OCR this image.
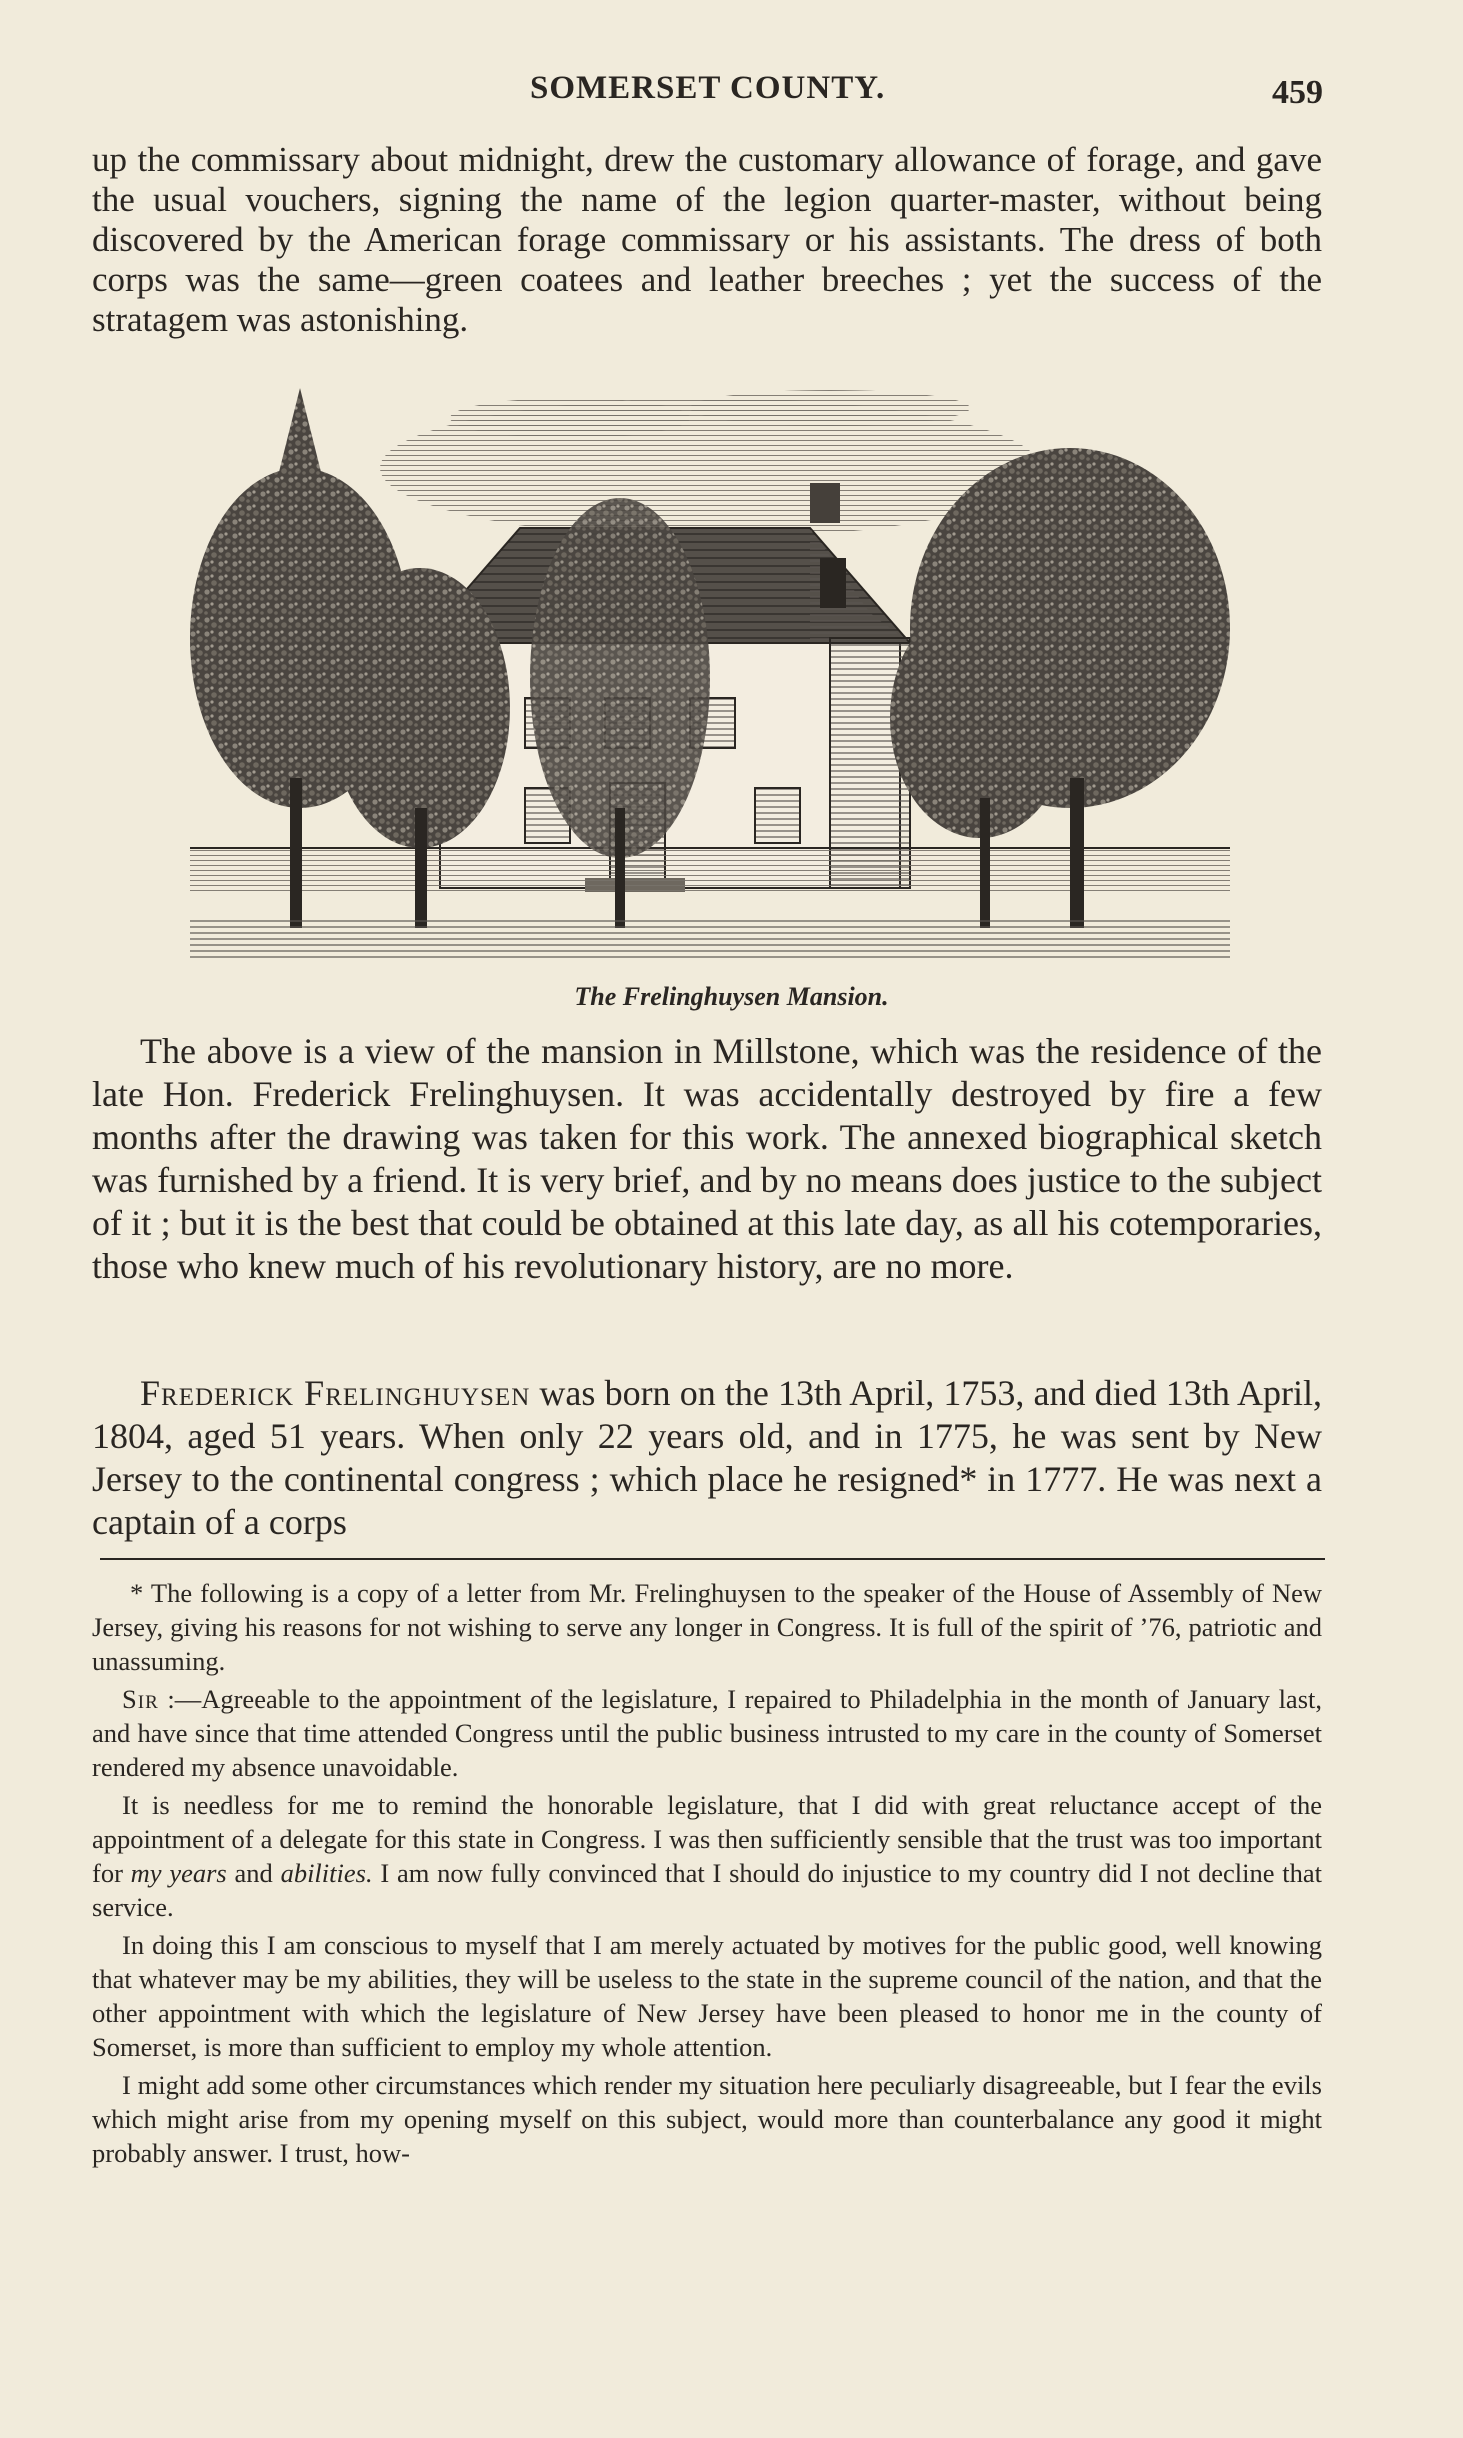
SOMERSET COUNTY.	459
up the commissary about midnight, drew the customary allowance of forage, and gave the usual vouchers, signing the name of the legion quarter-master, without being discovered by the American forage commissary or his assistants. The dress of both corps was the same—green coatees and leather breeches ; yet the success of the stratagem was astonishing.
The Frelinghuysen Mansion.
The above is a view of the mansion in Millstone, which was the residence of the late Hon. Frederick Frelinghuysen. It was accidentally destroyed by fire a few months after the drawing was taken for this work. The annexed biographical sketch was furnished by a friend. It is very brief, and by no means does justice to the subject of it ; but it is the best that could be obtained at this late day, as all his cotemporaries, those who knew much of his revolutionary history, are no more.
Frederick Frelinghuysen was born on the 13th April, 1753, and died 13th April, 1804, aged 51 years. When only 22 years old, and in 1775, he was sent by New Jersey to the continental congress ; which place he resigned* in 1777. He was next a captain of a corps

* The following is a copy of a letter from Mr. Frelinghuysen to the speaker of the House of Assembly of New Jersey, giving his reasons for not wishing to serve any longer in Congress. It is full of the spirit of ’76, patriotic and unassuming.

Sir :—Agreeable to the appointment of the legislature, I repaired to Philadelphia in the month of January last, and have since that time attended Congress until the public business intrusted to my care in the county of Somerset rendered my absence unavoidable.

It is needless for me to remind the honorable legislature, that I did with great reluctance accept of the appointment of a delegate for this state in Congress. I was then sufficiently sensible that the trust was too important for my years and abilities. I am now fully convinced that I should do injustice to my country did I not decline that service.

In doing this I am conscious to myself that I am merely actuated by motives for the public good, well knowing that whatever may be my abilities, they will be useless to the state in the supreme council of the nation, and that the other appointment with which the legislature of New Jersey have been pleased to honor me in the county of Somerset, is more than sufficient to employ my whole attention.

I might add some other circumstances which render my situation here peculiarly disagreeable, but I fear the evils which might arise from my opening myself on this subject, would more than counterbalance any good it might probably answer. I trust, how-
